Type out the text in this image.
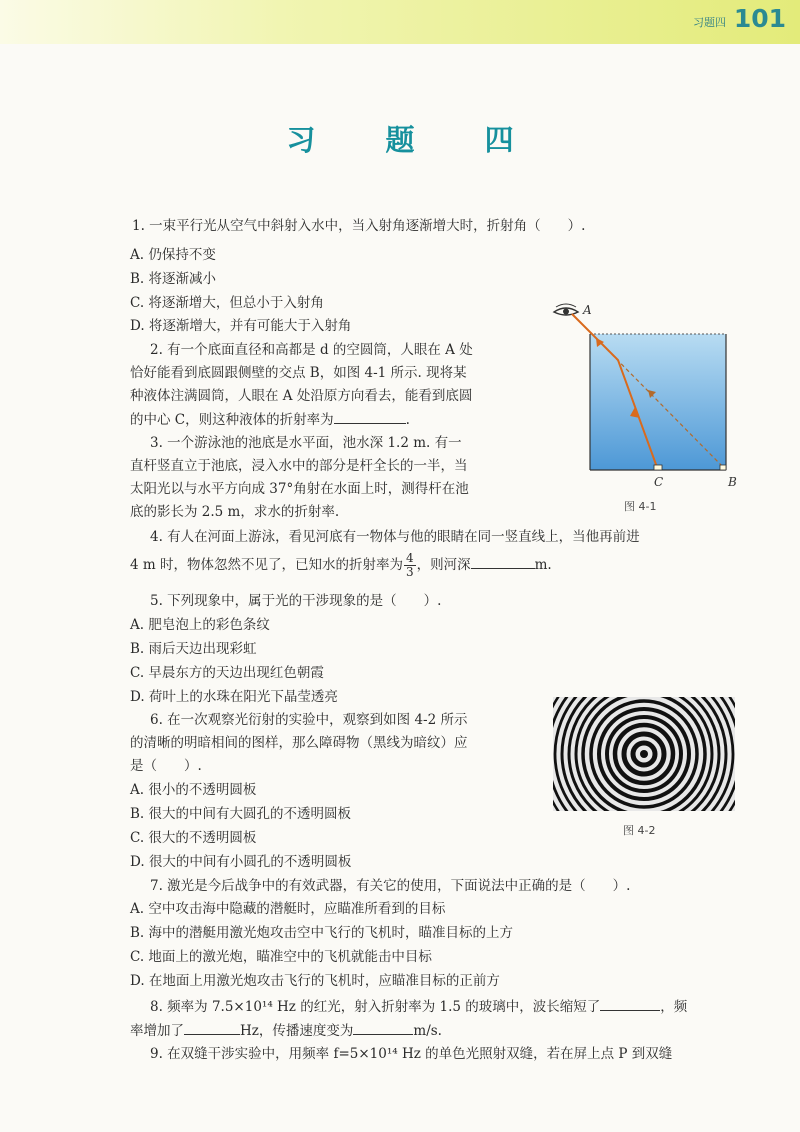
习题四 101
习 题 四
1. 一束平行光从空气中斜射入水中，当入射角逐渐增大时，折射角（　　）.
A. 仍保持不变
B. 将逐渐减小
C. 将逐渐增大，但总小于入射角
D. 将逐渐增大，并有可能大于入射角
2. 有一个底面直径和高都是 d 的空圆筒，人眼在 A 处
恰好能看到底圆跟侧壁的交点 B，如图 4-1 所示. 现将某
种液体注满圆筒，人眼在 A 处沿原方向看去，能看到底圆
的中心 C，则这种液体的折射率为	.
3. 一个游泳池的池底是水平面，池水深 1.2 m. 有一
直杆竖直立于池底，浸入水中的部分是杆全长的一半，当
太阳光以与水平方向成 37°角射在水面上时，测得杆在池
底的影长为 2.5 m，求水的折射率.
4. 有人在河面上游泳，看见河底有一物体与他的眼睛在同一竖直线上，当他再前进
4 m 时，物体忽然不见了，已知水的折射率为 $\frac{4}{3}$ ，则河深	m.
5. 下列现象中，属于光的干涉现象的是（　　）.
A. 肥皂泡上的彩色条纹
B. 雨后天边出现彩虹
C. 早晨东方的天边出现红色朝霞
D. 荷叶上的水珠在阳光下晶莹透亮
6. 在一次观察光衍射的实验中，观察到如图 4-2 所示
的清晰的明暗相间的图样，那么障碍物（黑线为暗纹）应
是（　　）.
A. 很小的不透明圆板
B. 很大的中间有大圆孔的不透明圆板
C. 很大的不透明圆板
D. 很大的中间有小圆孔的不透明圆板
7. 激光是今后战争中的有效武器，有关它的使用，下面说法中正确的是（　　）.
A. 空中攻击海中隐藏的潜艇时，应瞄准所看到的目标
B. 海中的潜艇用激光炮攻击空中飞行的飞机时，瞄准目标的上方
C. 地面上的激光炮，瞄准空中的飞机就能击中目标
D. 在地面上用激光炮攻击飞行的飞机时，应瞄准目标的正前方
8. 频率为 7.5×10¹⁴ Hz 的红光，射入折射率为 1.5 的玻璃中，波长缩短了	，频
率增加了	Hz，传播速度变为	m/s.
9. 在双缝干涉实验中，用频率 f=5×10¹⁴ Hz 的单色光照射双缝，若在屏上点 P 到双缝
A
C	B
图 4-1
图 4-2
